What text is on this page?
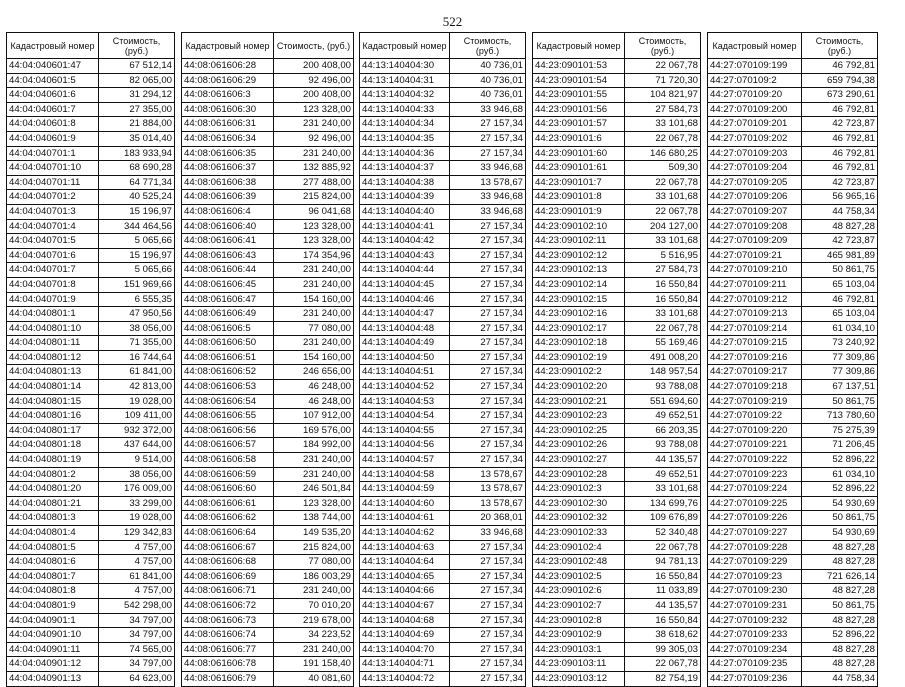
522
Кадастровый номер	Стоимость, (руб.)
44:04:040601:47	67 512,14
44:04:040601:5	82 065,00
44:04:040601:6	31 294,12
44:04:040601:7	27 355,00
44:04:040601:8	21 884,00
44:04:040601:9	35 014,40
44:04:040701:1	183 933,94
44:04:040701:10	68 690,28
44:04:040701:11	64 771,34
44:04:040701:2	40 525,24
44:04:040701:3	15 196,97
44:04:040701:4	344 464,56
44:04:040701:5	5 065,66
44:04:040701:6	15 196,97
44:04:040701:7	5 065,66
44:04:040701:8	151 969,66
44:04:040701:9	6 555,35
44:04:040801:1	47 950,56
44:04:040801:10	38 056,00
44:04:040801:11	71 355,00
44:04:040801:12	16 744,64
44:04:040801:13	61 841,00
44:04:040801:14	42 813,00
44:04:040801:15	19 028,00
44:04:040801:16	109 411,00
44:04:040801:17	932 372,00
44:04:040801:18	437 644,00
44:04:040801:19	9 514,00
44:04:040801:2	38 056,00
44:04:040801:20	176 009,00
44:04:040801:21	33 299,00
44:04:040801:3	19 028,00
44:04:040801:4	129 342,83
44:04:040801:5	4 757,00
44:04:040801:6	4 757,00
44:04:040801:7	61 841,00
44:04:040801:8	4 757,00
44:04:040801:9	542 298,00
44:04:040901:1	34 797,00
44:04:040901:10	34 797,00
44:04:040901:11	74 565,00
44:04:040901:12	34 797,00
44:04:040901:13	64 623,00
Кадастровый номер	Стоимость, (руб.)
44:08:061606:28	200 408,00
44:08:061606:29	92 496,00
44:08:061606:3	200 408,00
44:08:061606:30	123 328,00
44:08:061606:31	231 240,00
44:08:061606:34	92 496,00
44:08:061606:35	231 240,00
44:08:061606:37	132 885,92
44:08:061606:38	277 488,00
44:08:061606:39	215 824,00
44:08:061606:4	96 041,68
44:08:061606:40	123 328,00
44:08:061606:41	123 328,00
44:08:061606:43	174 354,96
44:08:061606:44	231 240,00
44:08:061606:45	231 240,00
44:08:061606:47	154 160,00
44:08:061606:49	231 240,00
44:08:061606:5	77 080,00
44:08:061606:50	231 240,00
44:08:061606:51	154 160,00
44:08:061606:52	246 656,00
44:08:061606:53	46 248,00
44:08:061606:54	46 248,00
44:08:061606:55	107 912,00
44:08:061606:56	169 576,00
44:08:061606:57	184 992,00
44:08:061606:58	231 240,00
44:08:061606:59	231 240,00
44:08:061606:60	246 501,84
44:08:061606:61	123 328,00
44:08:061606:62	138 744,00
44:08:061606:64	149 535,20
44:08:061606:67	215 824,00
44:08:061606:68	77 080,00
44:08:061606:69	186 003,29
44:08:061606:71	231 240,00
44:08:061606:72	70 010,20
44:08:061606:73	219 678,00
44:08:061606:74	34 223,52
44:08:061606:77	231 240,00
44:08:061606:78	191 158,40
44:08:061606:79	40 081,60
Кадастровый номер	Стоимость, (руб.)
44:13:140404:30	40 736,01
44:13:140404:31	40 736,01
44:13:140404:32	40 736,01
44:13:140404:33	33 946,68
44:13:140404:34	27 157,34
44:13:140404:35	27 157,34
44:13:140404:36	27 157,34
44:13:140404:37	33 946,68
44:13:140404:38	13 578,67
44:13:140404:39	33 946,68
44:13:140404:40	33 946,68
44:13:140404:41	27 157,34
44:13:140404:42	27 157,34
44:13:140404:43	27 157,34
44:13:140404:44	27 157,34
44:13:140404:45	27 157,34
44:13:140404:46	27 157,34
44:13:140404:47	27 157,34
44:13:140404:48	27 157,34
44:13:140404:49	27 157,34
44:13:140404:50	27 157,34
44:13:140404:51	27 157,34
44:13:140404:52	27 157,34
44:13:140404:53	27 157,34
44:13:140404:54	27 157,34
44:13:140404:55	27 157,34
44:13:140404:56	27 157,34
44:13:140404:57	27 157,34
44:13:140404:58	13 578,67
44:13:140404:59	13 578,67
44:13:140404:60	13 578,67
44:13:140404:61	20 368,01
44:13:140404:62	33 946,68
44:13:140404:63	27 157,34
44:13:140404:64	27 157,34
44:13:140404:65	27 157,34
44:13:140404:66	27 157,34
44:13:140404:67	27 157,34
44:13:140404:68	27 157,34
44:13:140404:69	27 157,34
44:13:140404:70	27 157,34
44:13:140404:71	27 157,34
44:13:140404:72	27 157,34
Кадастровый номер	Стоимость, (руб.)
44:23:090101:53	22 067,78
44:23:090101:54	71 720,30
44:23:090101:55	104 821,97
44:23:090101:56	27 584,73
44:23:090101:57	33 101,68
44:23:090101:6	22 067,78
44:23:090101:60	146 680,25
44:23:090101:61	509,30
44:23:090101:7	22 067,78
44:23:090101:8	33 101,68
44:23:090101:9	22 067,78
44:23:090102:10	204 127,00
44:23:090102:11	33 101,68
44:23:090102:12	5 516,95
44:23:090102:13	27 584,73
44:23:090102:14	16 550,84
44:23:090102:15	16 550,84
44:23:090102:16	33 101,68
44:23:090102:17	22 067,78
44:23:090102:18	55 169,46
44:23:090102:19	491 008,20
44:23:090102:2	148 957,54
44:23:090102:20	93 788,08
44:23:090102:21	551 694,60
44:23:090102:23	49 652,51
44:23:090102:25	66 203,35
44:23:090102:26	93 788,08
44:23:090102:27	44 135,57
44:23:090102:28	49 652,51
44:23:090102:3	33 101,68
44:23:090102:30	134 699,76
44:23:090102:32	109 676,89
44:23:090102:33	52 340,48
44:23:090102:4	22 067,78
44:23:090102:48	94 781,13
44:23:090102:5	16 550,84
44:23:090102:6	11 033,89
44:23:090102:7	44 135,57
44:23:090102:8	16 550,84
44:23:090102:9	38 618,62
44:23:090103:1	99 305,03
44:23:090103:11	22 067,78
44:23:090103:12	82 754,19
Кадастровый номер	Стоимость, (руб.)
44:27:070109:199	46 792,81
44:27:070109:2	659 794,38
44:27:070109:20	673 290,61
44:27:070109:200	46 792,81
44:27:070109:201	42 723,87
44:27:070109:202	46 792,81
44:27:070109:203	46 792,81
44:27:070109:204	46 792,81
44:27:070109:205	42 723,87
44:27:070109:206	56 965,16
44:27:070109:207	44 758,34
44:27:070109:208	48 827,28
44:27:070109:209	42 723,87
44:27:070109:21	465 981,89
44:27:070109:210	50 861,75
44:27:070109:211	65 103,04
44:27:070109:212	46 792,81
44:27:070109:213	65 103,04
44:27:070109:214	61 034,10
44:27:070109:215	73 240,92
44:27:070109:216	77 309,86
44:27:070109:217	77 309,86
44:27:070109:218	67 137,51
44:27:070109:219	50 861,75
44:27:070109:22	713 780,60
44:27:070109:220	75 275,39
44:27:070109:221	71 206,45
44:27:070109:222	52 896,22
44:27:070109:223	61 034,10
44:27:070109:224	52 896,22
44:27:070109:225	54 930,69
44:27:070109:226	50 861,75
44:27:070109:227	54 930,69
44:27:070109:228	48 827,28
44:27:070109:229	48 827,28
44:27:070109:23	721 626,14
44:27:070109:230	48 827,28
44:27:070109:231	50 861,75
44:27:070109:232	48 827,28
44:27:070109:233	52 896,22
44:27:070109:234	48 827,28
44:27:070109:235	48 827,28
44:27:070109:236	44 758,34
